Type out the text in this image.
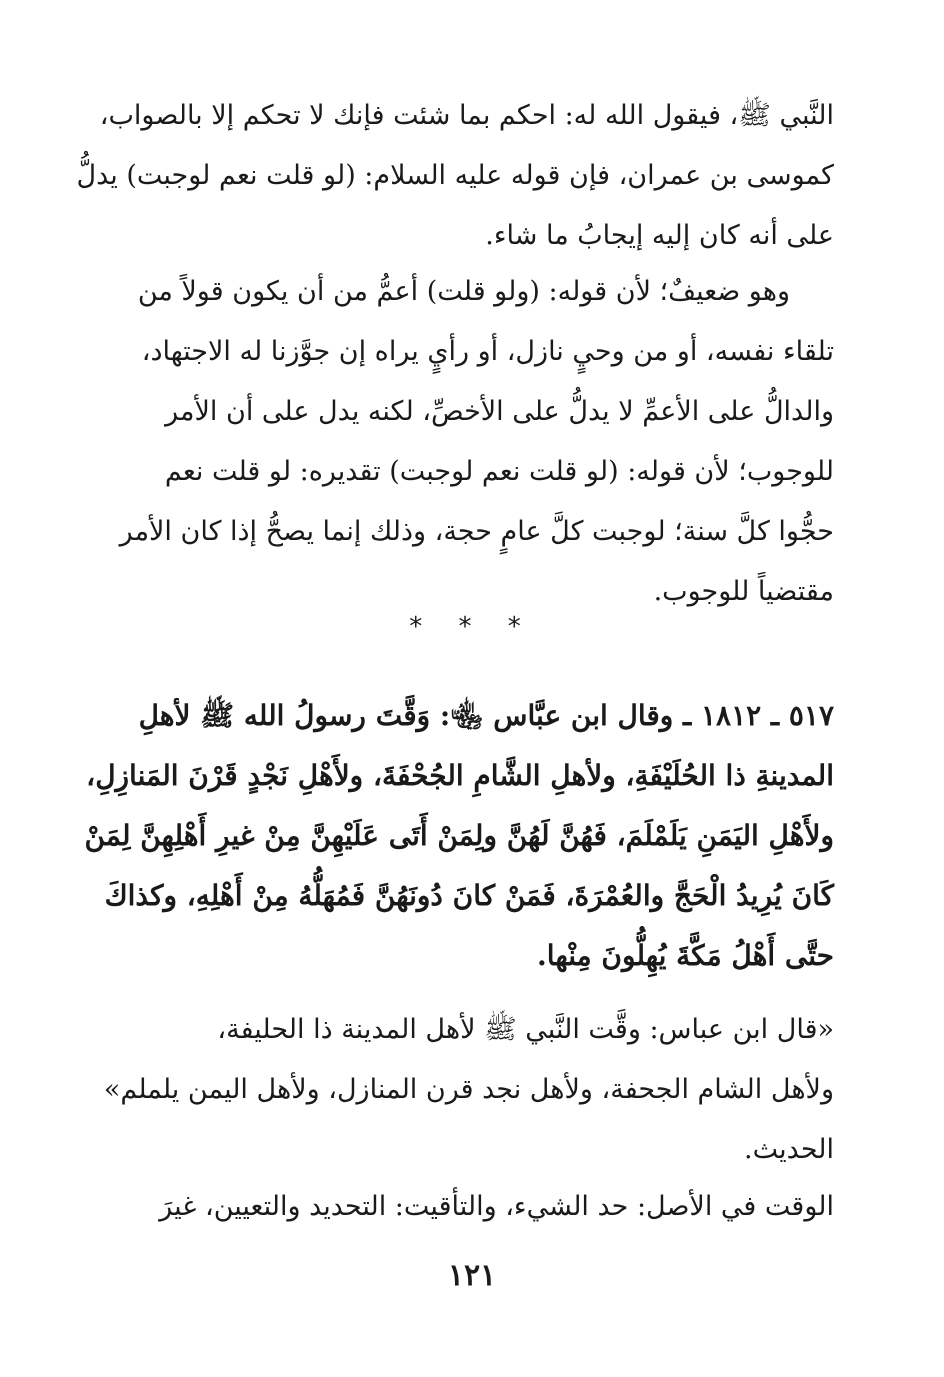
النَّبي ﷺ، فيقول الله له: احكم بما شئت فإنك لا تحكم إلا بالصواب،
كموسى بن عمران، فإن قوله عليه السلام: (لو قلت نعم لوجبت) يدلُّ
على أنه كان إليه إيجابُ ما شاء.
وهو ضعيفٌ؛ لأن قوله: (ولو قلت) أعمُّ من أن يكون قولاً من
تلقاء نفسه، أو من وحيٍ نازل، أو رأيٍ يراه إن جوَّزنا له الاجتهاد،
والدالُّ على الأعمِّ لا يدلُّ على الأخصِّ، لكنه يدل على أن الأمر
للوجوب؛ لأن قوله: (لو قلت نعم لوجبت) تقديره: لو قلت نعم
حجُّوا كلَّ سنة؛ لوجبت كلَّ عامٍ حجة، وذلك إنما يصحُّ إذا كان الأمر
مقتضياً للوجوب.
* * *
٥١٧ ـ ١٨١٢ ـ وقال ابن عبَّاس ﵄: وَقَّتَ رسولُ الله ﷺ لأهلِ
المدينةِ ذا الحُلَيْفَةِ، ولأهلِ الشَّامِ الجُحْفَةَ، ولأَهْلِ نَجْدٍ قَرْنَ المَنازِلِ،
ولأَهْلِ اليَمَنِ يَلَمْلَمَ، فَهُنَّ لَهُنَّ ولِمَنْ أَتَى عَلَيْهِنَّ مِنْ غيرِ أَهْلِهِنَّ لِمَنْ
كَانَ يُرِيدُ الْحَجَّ والعُمْرَةَ، فَمَنْ كانَ دُونَهُنَّ فَمُهَلُّهُ مِنْ أَهْلِهِ، وكذاكَ
حتَّى أَهْلُ مَكَّةَ يُهِلُّونَ مِنْها.
«قال ابن عباس: وقَّت النَّبي ﷺ لأهل المدينة ذا الحليفة،
ولأهل الشام الجحفة، ولأهل نجد قرن المنازل، ولأهل اليمن يلملم»
الحديث.
الوقت في الأصل: حد الشيء، والتأقيت: التحديد والتعيين، غيرَ
١٢١
